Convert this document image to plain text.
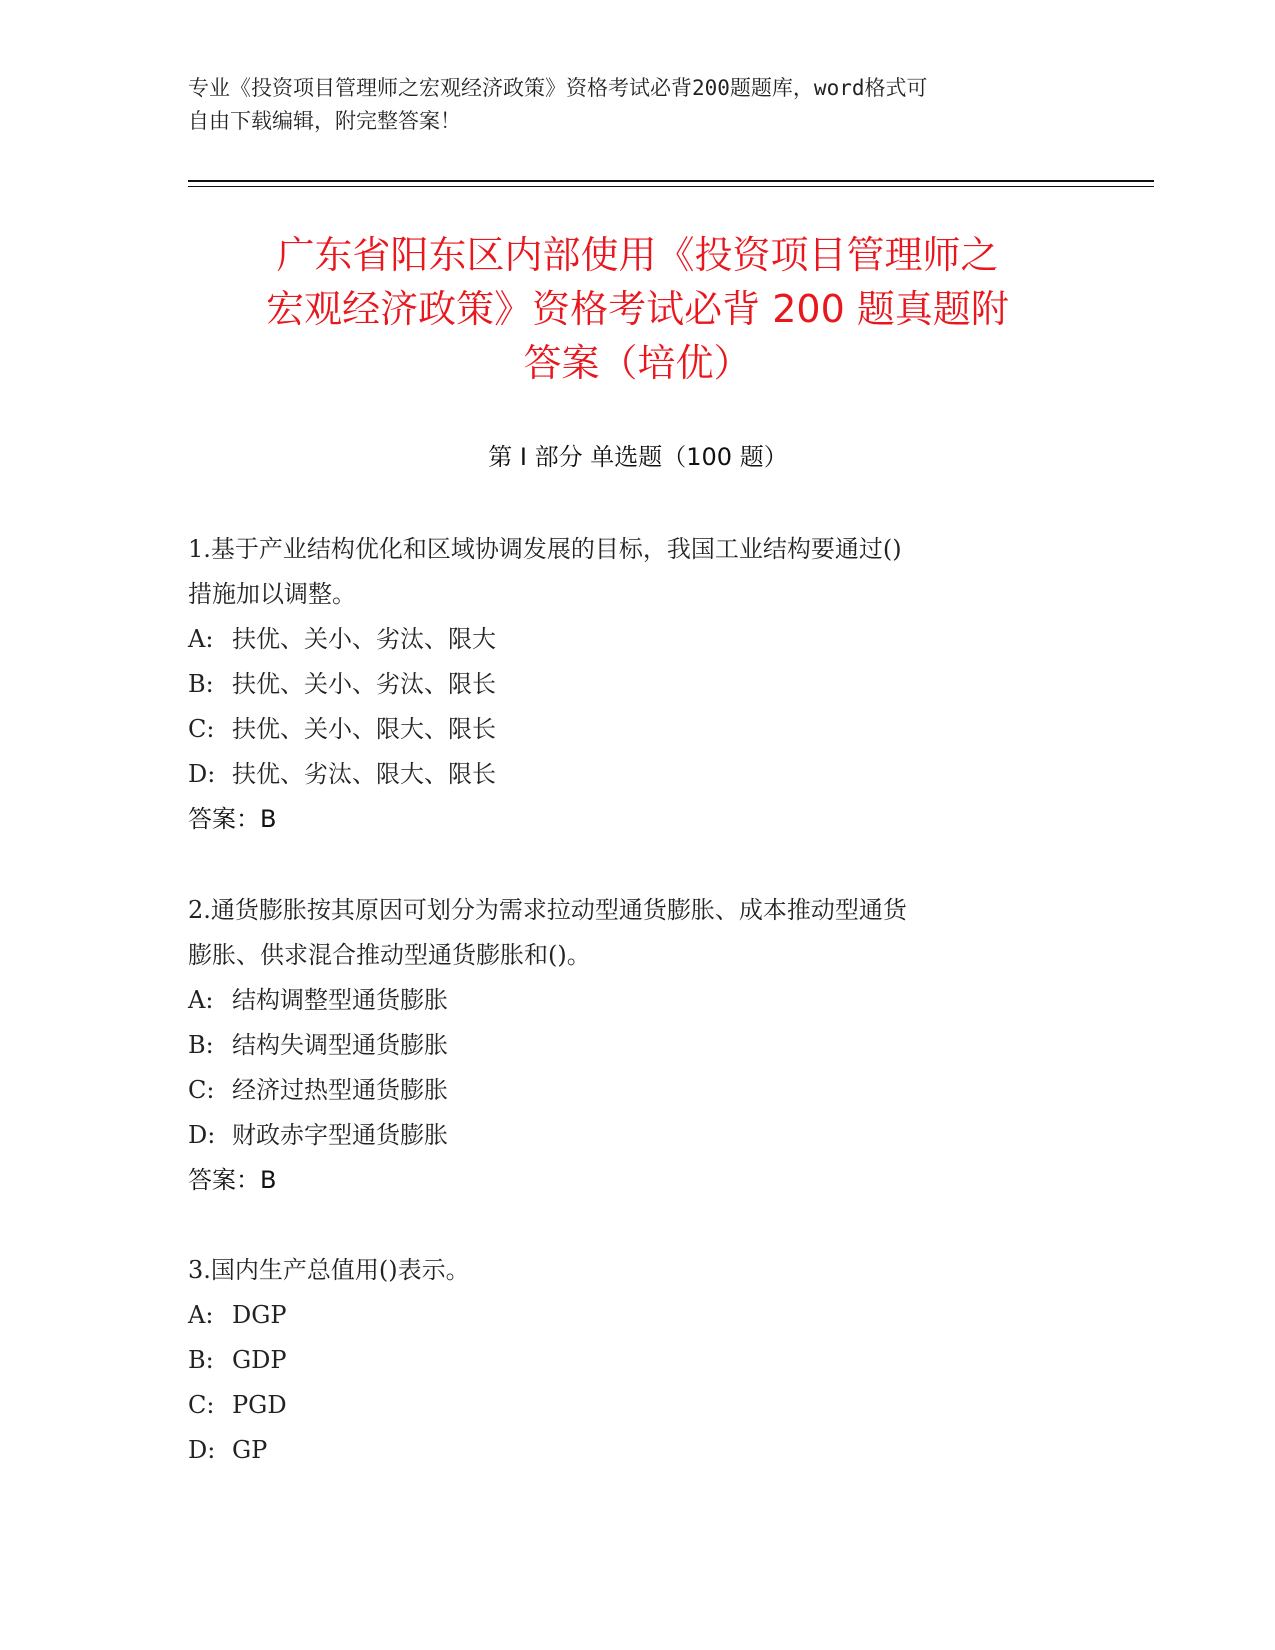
专业《投资项目管理师之宏观经济政策》资格考试必背200题题库，word格式可
自由下载编辑，附完整答案！
广东省阳东区内部使用《投资项目管理师之
宏观经济政策》资格考试必背 200 题真题附
答案（培优）
第 I 部分 单选题（100 题）

1.基于产业结构优化和区域协调发展的目标，我国工业结构要通过()

措施加以调整。

A: 扶优、关小、劣汰、限大

B: 扶优、关小、劣汰、限长

C: 扶优、关小、限大、限长

D: 扶优、劣汰、限大、限长

答案：B

2.通货膨胀按其原因可划分为需求拉动型通货膨胀、成本推动型通货

膨胀、供求混合推动型通货膨胀和()。

A: 结构调整型通货膨胀

B: 结构失调型通货膨胀

C: 经济过热型通货膨胀

D: 财政赤字型通货膨胀

答案：B

3.国内生产总值用()表示。

A: DGP

B: GDP

C: PGD

D: GP
